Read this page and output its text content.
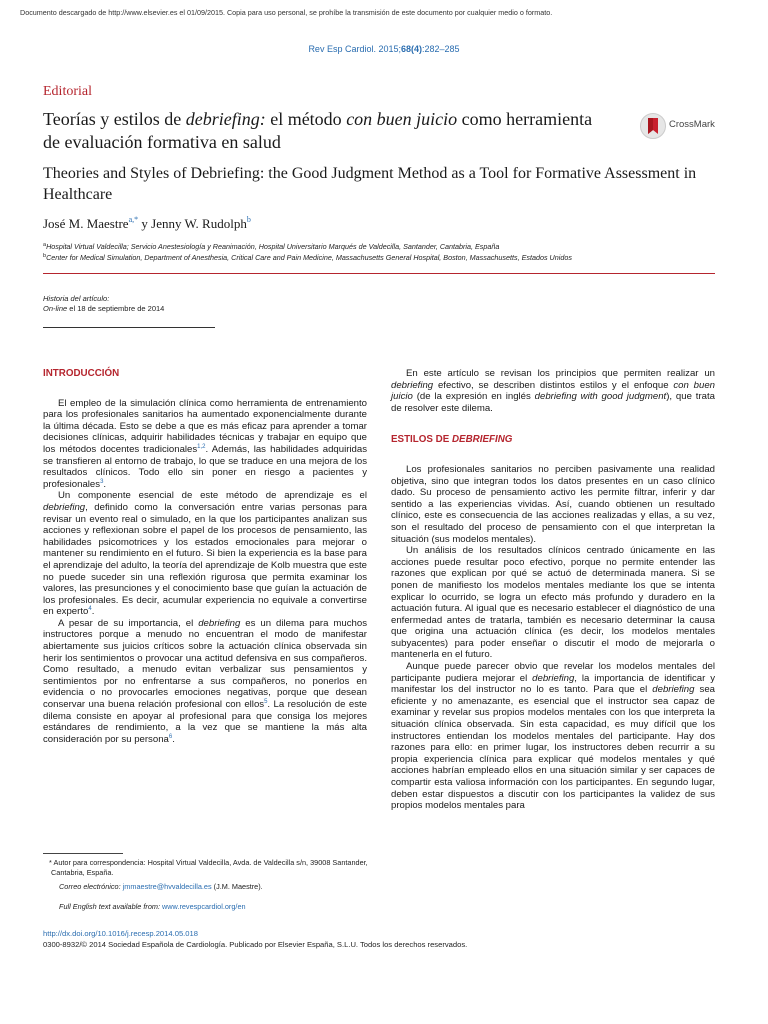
Documento descargado de http://www.elsevier.es el 01/09/2015. Copia para uso personal, se prohíbe la transmisión de este documento por cualquier medio o formato.
Rev Esp Cardiol. 2015;68(4):282–285
Editorial
Teorías y estilos de debriefing: el método con buen juicio como herramienta de evaluación formativa en salud
CrossMark
Theories and Styles of Debriefing: the Good Judgment Method as a Tool for Formative Assessment in Healthcare
José M. Maestre$^{a,*}$ y Jenny W. Rudolph$^b$
$^a$Hospital Virtual Valdecilla; Servicio Anestesiología y Reanimación, Hospital Universitario Marqués de Valdecilla, Santander, Cantabria, España
$^b$Center for Medical Simulation, Department of Anesthesia, Critical Care and Pain Medicine, Massachusetts General Hospital, Boston, Massachusetts, Estados Unidos
Historia del artículo:
On-line el 18 de septiembre de 2014
INTRODUCCIÓN

El empleo de la simulación clínica como herramienta de entrenamiento para los profesionales sanitarios ha aumentado exponencialmente durante la última década. Esto se debe a que es más eficaz para aprender a tomar decisiones clínicas, adquirir habilidades técnicas y trabajar en equipo que los métodos docentes tradicionales$^{1,2}$. Además, las habilidades adquiridas se transfieren al entorno de trabajo, lo que se traduce en una mejora de los resultados clínicos. Todo ello sin poner en riesgo a pacientes y profesionales$^3$.

Un componente esencial de este método de aprendizaje es el debriefing, definido como la conversación entre varias personas para revisar un evento real o simulado, en la que los participantes analizan sus acciones y reflexionan sobre el papel de los procesos de pensamiento, las habilidades psicomotrices y los estados emocionales para mejorar o mantener su rendimiento en el futuro. Si bien la experiencia es la base para el aprendizaje del adulto, la teoría del aprendizaje de Kolb muestra que este no puede suceder sin una reflexión rigurosa que permita examinar los valores, las presunciones y el conocimiento base que guían la actuación de los profesionales. Es decir, acumular experiencia no equivale a convertirse en experto$^4$.

A pesar de su importancia, el debriefing es un dilema para muchos instructores porque a menudo no encuentran el modo de manifestar abiertamente sus juicios críticos sobre la actuación clínica observada sin herir los sentimientos o provocar una actitud defensiva en sus compañeros. Como resultado, a menudo evitan verbalizar sus pensamientos y sentimientos por no enfrentarse a sus compañeros, no ponerlos en evidencia o no provocarles emociones negativas, porque que desean conservar una buena relación profesional con ellos$^5$. La resolución de este dilema consiste en apoyar al profesional para que consiga los mejores estándares de rendimiento, a la vez que se mantiene la más alta consideración por su persona$^6$.

En este artículo se revisan los principios que permiten realizar un debriefing efectivo, se describen distintos estilos y el enfoque con buen juicio (de la expresión en inglés debriefing with good judgment), que trata de resolver este dilema.

ESTILOS DE DEBRIEFING

Los profesionales sanitarios no perciben pasivamente una realidad objetiva, sino que integran todos los datos presentes en un caso clínico dado. Su proceso de pensamiento activo les permite filtrar, inferir y dar sentido a las experiencias vividas. Así, cuando obtienen un resultado clínico, este es consecuencia de las acciones realizadas y ellas, a su vez, son el resultado del proceso de pensamiento con el que interpretan la situación (sus modelos mentales).

Un análisis de los resultados clínicos centrado únicamente en las acciones puede resultar poco efectivo, porque no permite entender las razones que explican por qué se actuó de determinada manera. Si se ponen de manifiesto los modelos mentales mediante los que se intenta explicar lo ocurrido, se logra un efecto más profundo y duradero en la actuación futura. Al igual que es necesario establecer el diagnóstico de una enfermedad antes de tratarla, también es necesario determinar la causa que origina una actuación clínica (es decir, los modelos mentales subyacentes) para poder enseñar o discutir el modo de mejorarla o mantenerla en el futuro.

Aunque puede parecer obvio que revelar los modelos mentales del participante pudiera mejorar el debriefing, la importancia de identificar y manifestar los del instructor no lo es tanto. Para que el debriefing sea eficiente y no amenazante, es esencial que el instructor sea capaz de examinar y revelar sus propios modelos mentales con los que interpreta la situación clínica observada. Sin esta capacidad, es muy difícil que los instructores entiendan los modelos mentales del participante. Hay dos razones para ello: en primer lugar, los instructores deben recurrir a su propia experiencia clínica para explicar qué modelos mentales y qué acciones habrían empleado ellos en una situación similar y ser capaces de compartir esta valiosa información con los participantes. En segundo lugar, deben estar dispuestos a discutir con los participantes la validez de sus propios modelos mentales para

* Autor para correspondencia: Hospital Virtual Valdecilla, Avda. de Valdecilla s/n, 39008 Santander, Cantabria, España.
Correo electrónico: jmmaestre@hvvaldecilla.es (J.M. Maestre).
Full English text available from: www.revespcardiol.org/en
http://dx.doi.org/10.1016/j.recesp.2014.05.018
0300-8932/© 2014 Sociedad Española de Cardiología. Publicado por Elsevier España, S.L.U. Todos los derechos reservados.
